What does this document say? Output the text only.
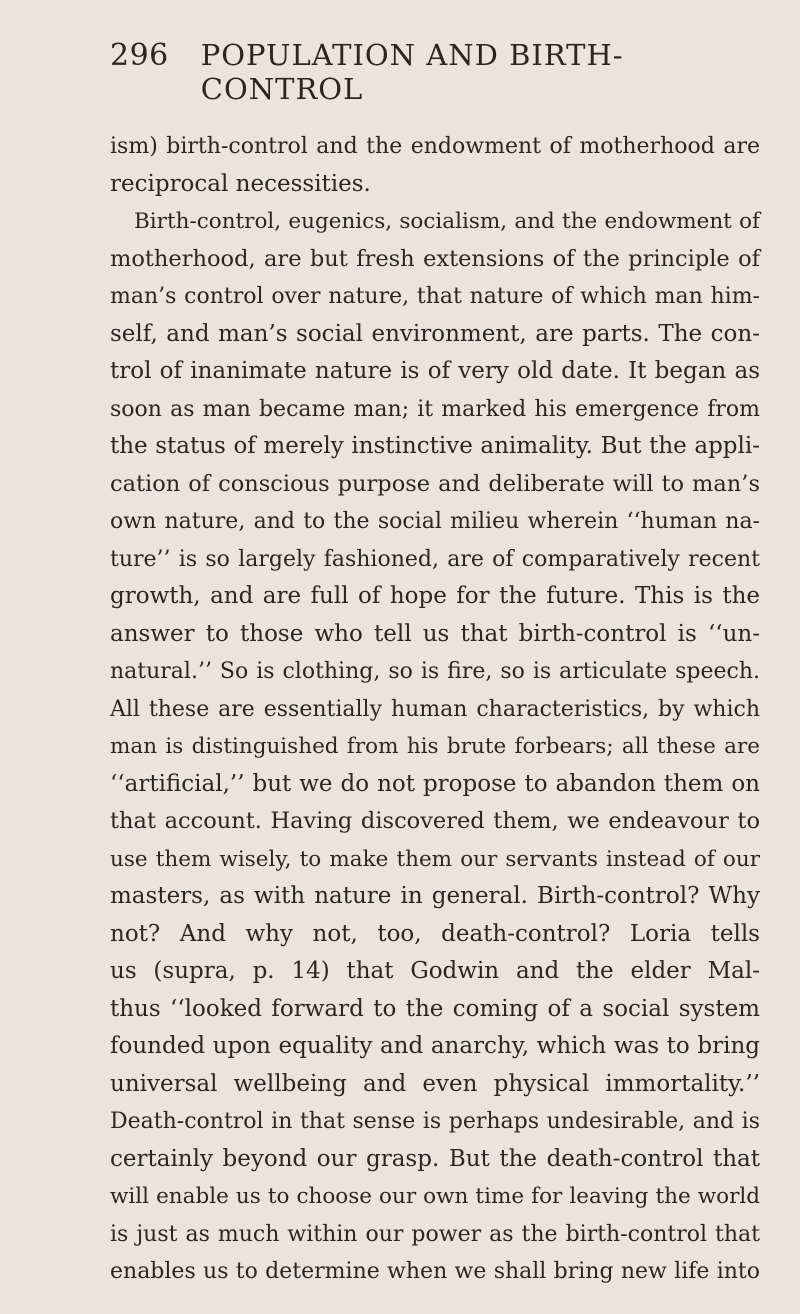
296 POPULATION AND BIRTH-CONTROL
ism) birth-control and the endowment of motherhood are
reciprocal necessities.
Birth-control, eugenics, socialism, and the endowment of
motherhood, are but fresh extensions of the principle of
man’s control over nature, that nature of which man him-
self, and man’s social environment, are parts. The con-
trol of inanimate nature is of very old date. It began as
soon as man became man; it marked his emergence from
the status of merely instinctive animality. But the appli-
cation of conscious purpose and deliberate will to man’s
own nature, and to the social milieu wherein ‘‘human na-
ture’’ is so largely fashioned, are of comparatively recent
growth, and are full of hope for the future. This is the
answer to those who tell us that birth-control is ‘‘un-
natural.’’ So is clothing, so is fire, so is articulate speech.
All these are essentially human characteristics, by which
man is distinguished from his brute forbears; all these are
‘‘artificial,’’ but we do not propose to abandon them on
that account. Having discovered them, we endeavour to
use them wisely, to make them our servants instead of our
masters, as with nature in general. Birth-control? Why
not? And why not, too, death-control? Loria tells
us (supra, p. 14) that Godwin and the elder Mal-
thus ‘‘looked forward to the coming of a social system
founded upon equality and anarchy, which was to bring
universal wellbeing and even physical immortality.’’
Death-control in that sense is perhaps undesirable, and is
certainly beyond our grasp. But the death-control that
will enable us to choose our own time for leaving the world
is just as much within our power as the birth-control that
enables us to determine when we shall bring new life into
